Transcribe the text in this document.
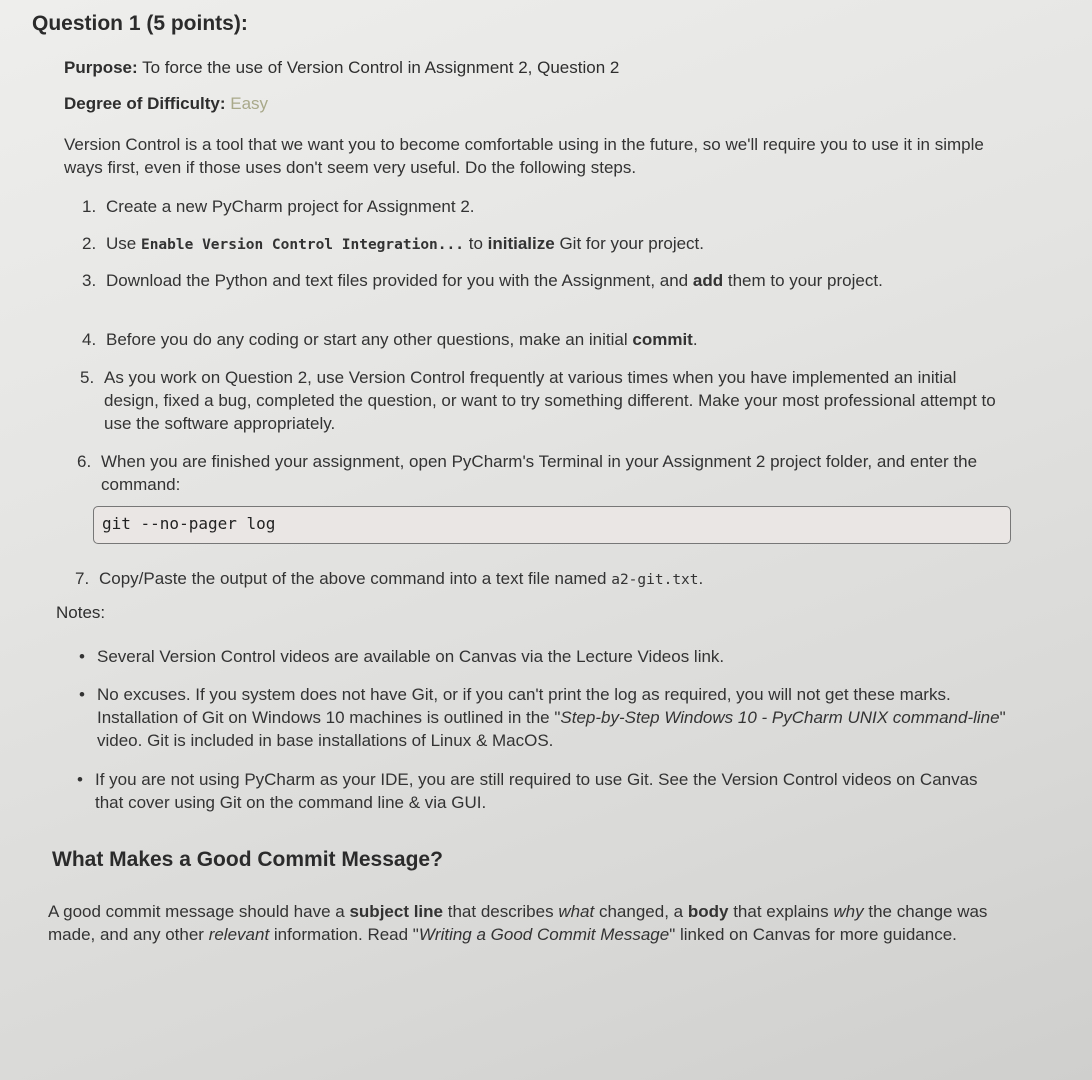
Question 1 (5 points):
Purpose: To force the use of Version Control in Assignment 2, Question 2
Degree of Difficulty: Easy
Version Control is a tool that we want you to become comfortable using in the future, so we'll require you to use it in simple ways first, even if those uses don't seem very useful. Do the following steps.
1. Create a new PyCharm project for Assignment 2.
2. Use Enable Version Control Integration... to initialize Git for your project.
3. Download the Python and text files provided for you with the Assignment, and add them to your project.
4. Before you do any coding or start any other questions, make an initial commit.
5. As you work on Question 2, use Version Control frequently at various times when you have implemented an initial design, fixed a bug, completed the question, or want to try something different. Make your most professional attempt to use the software appropriately.
6. When you are finished your assignment, open PyCharm's Terminal in your Assignment 2 project folder, and enter the command:
git --no-pager log
7. Copy/Paste the output of the above command into a text file named a2-git.txt.
Notes:
• Several Version Control videos are available on Canvas via the Lecture Videos link.
• No excuses. If you system does not have Git, or if you can't print the log as required, you will not get these marks. Installation of Git on Windows 10 machines is outlined in the "Step-by-Step Windows 10 - PyCharm UNIX command-line" video. Git is included in base installations of Linux & MacOS.
• If you are not using PyCharm as your IDE, you are still required to use Git. See the Version Control videos on Canvas that cover using Git on the command line & via GUI.
What Makes a Good Commit Message?
A good commit message should have a subject line that describes what changed, a body that explains why the change was made, and any other relevant information. Read "Writing a Good Commit Message" linked on Canvas for more guidance.
